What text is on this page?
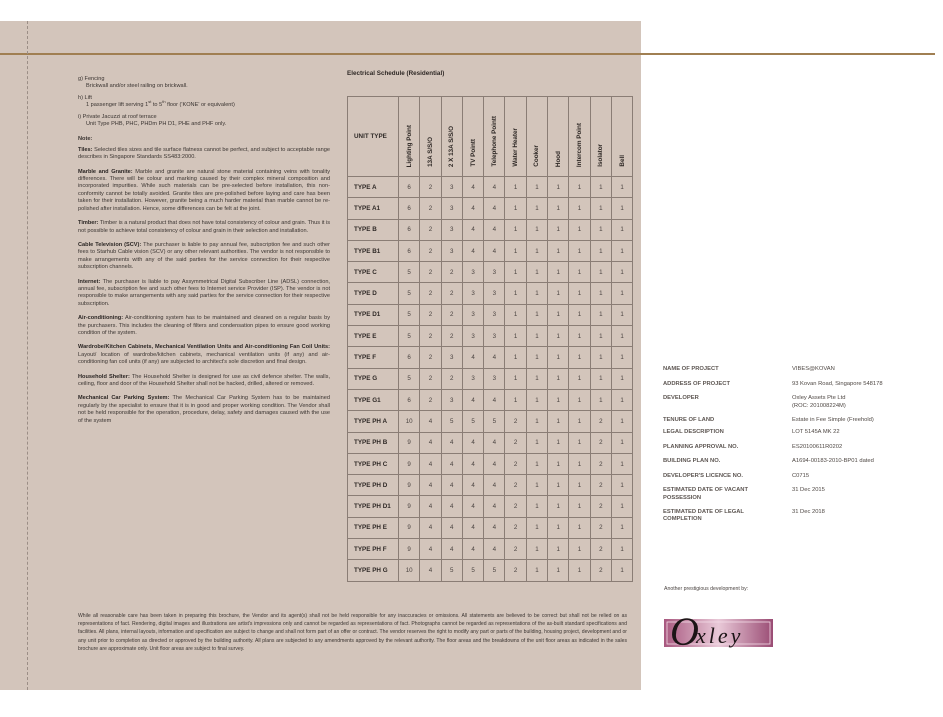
g) Fencing
Brickwall and/or steel railing on brickwall.
h) Lift
1 passenger lift serving 1st to 5th floor ('KONE' or equivalent)
i) Private Jacuzzi at roof terrace
Unit Type PHB, PHC, PHDm PH D1, PHE and PHF only.
Note:
Tiles: Selected tiles sizes and tile surface flatness cannot be perfect, and subject to acceptable range describes in Singapore Standards SS483:2000.
Marble and Granite: Marble and granite are natural stone material containing veins with tonality differences. There will be colour and marking caused by their complex mineral composition and incorporated impurities. While such materials can be pre-selected before installation, this non-conformity cannot be totally avoided. Granite tiles are pre-polished before laying and care has been taken for their installation. However, granite being a much harder material than marble cannot be re-polished after installation. Hence, some differences can be felt at the joint.
Timber: Timber is a natural product that does not have total consistency of colour and grain. Thus it is not possible to achieve total consistency of colour and grain in their selection and installation.
Cable Television (SCV): The purchaser is liable to pay annual fee, subscription fee and such other fees to Starhub Cable vision (SCV) or any other relevant authorities. The vendor is not responsible to make arrangements with any of the said parties for the service connection for their respective subscription channels.
Internet: The purchaser is liable to pay Assymmetrical Digital Subscriber Line (ADSL) connection, annual fee, subscription fee and such other fees to Internet service Provider (ISP). The vendor is not responsible to make arrangements with any said parties for the service connection for their respective subscription.
Air-conditioning: Air-conditioning system has to be maintained and cleaned on a regular basis by the purchasers. This includes the cleaning of filters and condensation pipes to ensure good working condition of the system.
Wardrobe/Kitchen Cabinets, Mechanical Ventilation Units and Air-conditioning Fan Coil Units: Layout/ location of wardrobe/kitchen cabinets, mechanical ventilation units (if any) and air-conditioning fan coil units (if any) are subjected to architect's sole discretion and final design.
Household Shelter: The Household Shelter is designed for use as civil defence shelter. The walls, ceiling, floor and door of the Household Shelter shall not be hacked, drilled, altered or removed.
Mechanical Car Parking System: The Mechanical Car Parking System has to be maintained regularly by the specialist to ensure that it is in good and proper working condition. The Vendor shall not be held responsible for the operation, procedure, delay, safety and damages caused with the use of the system
Electrical Schedule (Residential)
UNIT TYPE	Lighting Point	13A S/S/O	2 X 13A S/S/O	TV Pointt	Telephone Pointt	Water Heater	Cooker	Hood	Intercom Point	Isolator	Bell
TYPE A	6	2	3	4	4	1	1	1	1	1	1
TYPE A1	6	2	3	4	4	1	1	1	1	1	1
TYPE B	6	2	3	4	4	1	1	1	1	1	1
TYPE B1	6	2	3	4	4	1	1	1	1	1	1
TYPE C	5	2	2	3	3	1	1	1	1	1	1
TYPE D	5	2	2	3	3	1	1	1	1	1	1
TYPE D1	5	2	2	3	3	1	1	1	1	1	1
TYPE E	5	2	2	3	3	1	1	1	1	1	1
TYPE F	6	2	3	4	4	1	1	1	1	1	1
TYPE G	5	2	2	3	3	1	1	1	1	1	1
TYPE G1	6	2	3	4	4	1	1	1	1	1	1
TYPE PH A	10	4	5	5	5	2	1	1	1	2	1
TYPE PH B	9	4	4	4	4	2	1	1	1	2	1
TYPE PH C	9	4	4	4	4	2	1	1	1	2	1
TYPE PH D	9	4	4	4	4	2	1	1	1	2	1
TYPE PH D1	9	4	4	4	4	2	1	1	1	2	1
TYPE PH E	9	4	4	4	4	2	1	1	1	2	1
TYPE PH F	9	4	4	4	4	2	1	1	1	2	1
TYPE PH G	10	4	5	5	5	2	1	1	1	2	1
NAME OF PROJECT	VIBES@KOVAN
ADDRESS OF PROJECT	93 Kovan Road, Singapore 548178
DEVELOPER	Oxley Assets Pte Ltd
(ROC: 201008224M)
TENURE OF LAND	Estate in Fee Simple (Freehold)
LEGAL DESCRIPTION	LOT 5145A MK 22
PLANNING APPROVAL NO.	ES20100611R0202
BUILDING PLAN NO.	A1694-00183-2010-BP01 dated
DEVELOPER'S LICENCE NO.	C0715
ESTIMATED DATE OF VACANT
POSSESSION
31 Dec 2015
ESTIMATED DATE OF LEGAL
COMPLETION
31 Dec 2018
Another prestigious development by:
O
xley
While all reasonable care has been taken in preparing this brochure, the Vendor and its agent(s) shall not be held responsible for any inaccuracies or omissions. All statements are believed to be correct but shall not be relied on as representations of fact. Rendering, digital images and illustrations are artist's impressions only and cannot be regarded as representations of fact. Photographs cannot be regarded as representations of the as-built standard specifications and facilities. All plans, internal layouts, information and specification are subject to change and shall not form part of an offer or contract. The vendor reserves the right to modify any part or parts of the building, housing project, development and or any unit prior to completion as directed or approved by the building authority. All plans are subjected to any amendments approved by the relevant authority. The floor areas and the breakdowns of the unit floor areas as indicated in the sales brochure are approximate only. Unit floor areas are subject to final survey.
